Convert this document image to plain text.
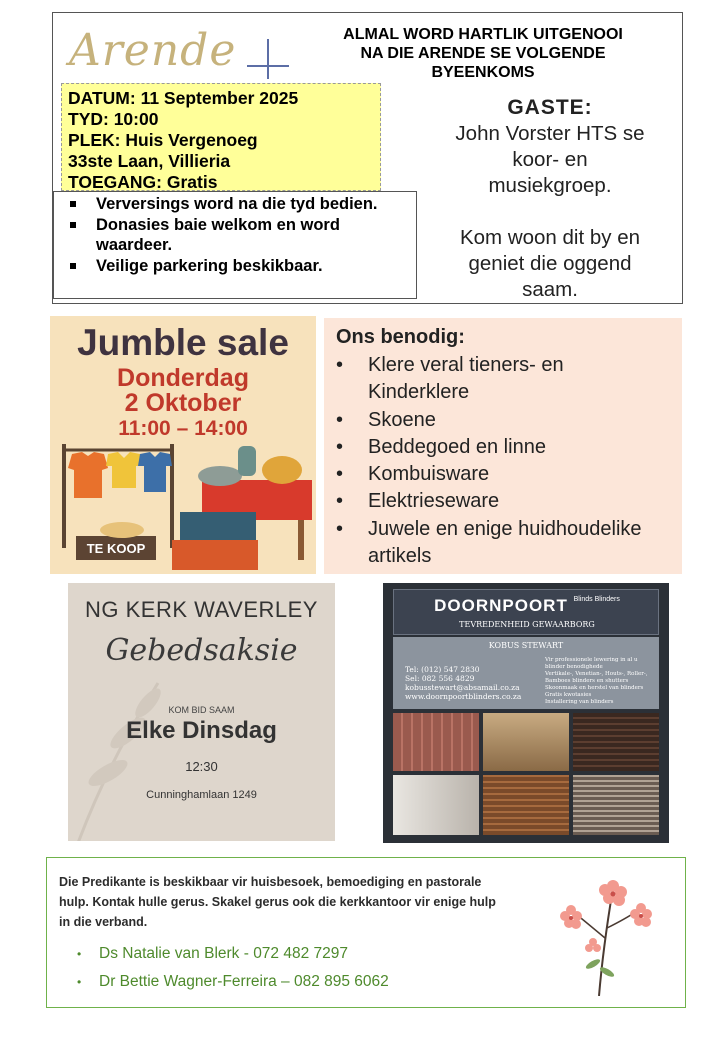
Arende	ALMAL WORD HARTLIK UITGENOOI
NA DIE ARENDE SE VOLGENDE
BYEENKOMS
DATUM: 11 September 2025
TYD: 10:00
PLEK: Huis Vergenoeg
33ste Laan, Villieria
TOEGANG: Gratis
Verversings word na die tyd bedien.
Donasies baie welkom en word waardeer.
Veilige parkering beskikbaar.
GASTE:
John Vorster HTS se
koor- en
musiekgroep.
Kom woon dit by en
geniet die oggend
saam.
Jumble sale
Donderdag
2 Oktober
11:00 – 14:00
TE KOOP
Ons benodig:
• Klere veral tieners- en Kinderklere
• Skoene
• Beddegoed en linne
• Kombuisware
• Elektrieseware
• Juwele en enige huidhoudelike artikels
NG KERK WAVERLEY
Gebedsaksie
KOM BID SAAM
Elke Dinsdag
12:30
Cunninghamlaan 1249
DOORNPOORT $^{Blinds Blinders}$
TEVREDENHEID GEWAARBORG
KOBUS STEWART
Tel: (012) 547 2830
Sel: 082 556 4829
kobusstewart@absamail.co.za
www.doornpoortblinders.co.za
Vir professionele lewering in al u blinder benodighede
Vertikale-, Venetian-, Houts-, Roller-, Bamboes blinders en shutters
Skoonmaak en herstel van blinders
Gratis kwotasies
Installering van blinders
Die Predikante is beskikbaar vir huisbesoek, bemoediging en pastorale hulp. Kontak hulle gerus. Skakel gerus ook die kerkkantoor vir enige hulp in die verband.
• Ds Natalie van Blerk - 072 482 7297
• Dr Bettie Wagner-Ferreira – 082 895 6062
